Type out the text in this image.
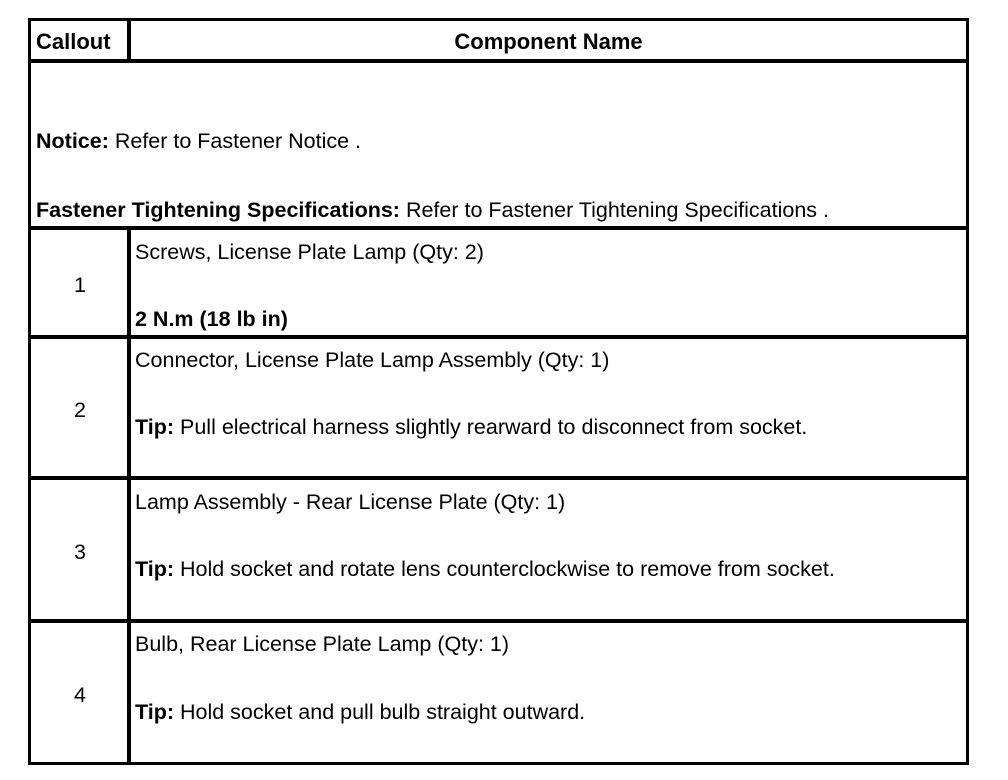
Callout	Component Name
Notice: Refer to Fastener Notice .
Fastener Tightening Specifications: Refer to Fastener Tightening Specifications .
1
Screws, License Plate Lamp (Qty: 2)
2 N.m (18 lb in)
2
Connector, License Plate Lamp Assembly (Qty: 1)
Tip: Pull electrical harness slightly rearward to disconnect from socket.
3
Lamp Assembly - Rear License Plate (Qty: 1)
Tip: Hold socket and rotate lens counterclockwise to remove from socket.
4
Bulb, Rear License Plate Lamp (Qty: 1)
Tip: Hold socket and pull bulb straight outward.
